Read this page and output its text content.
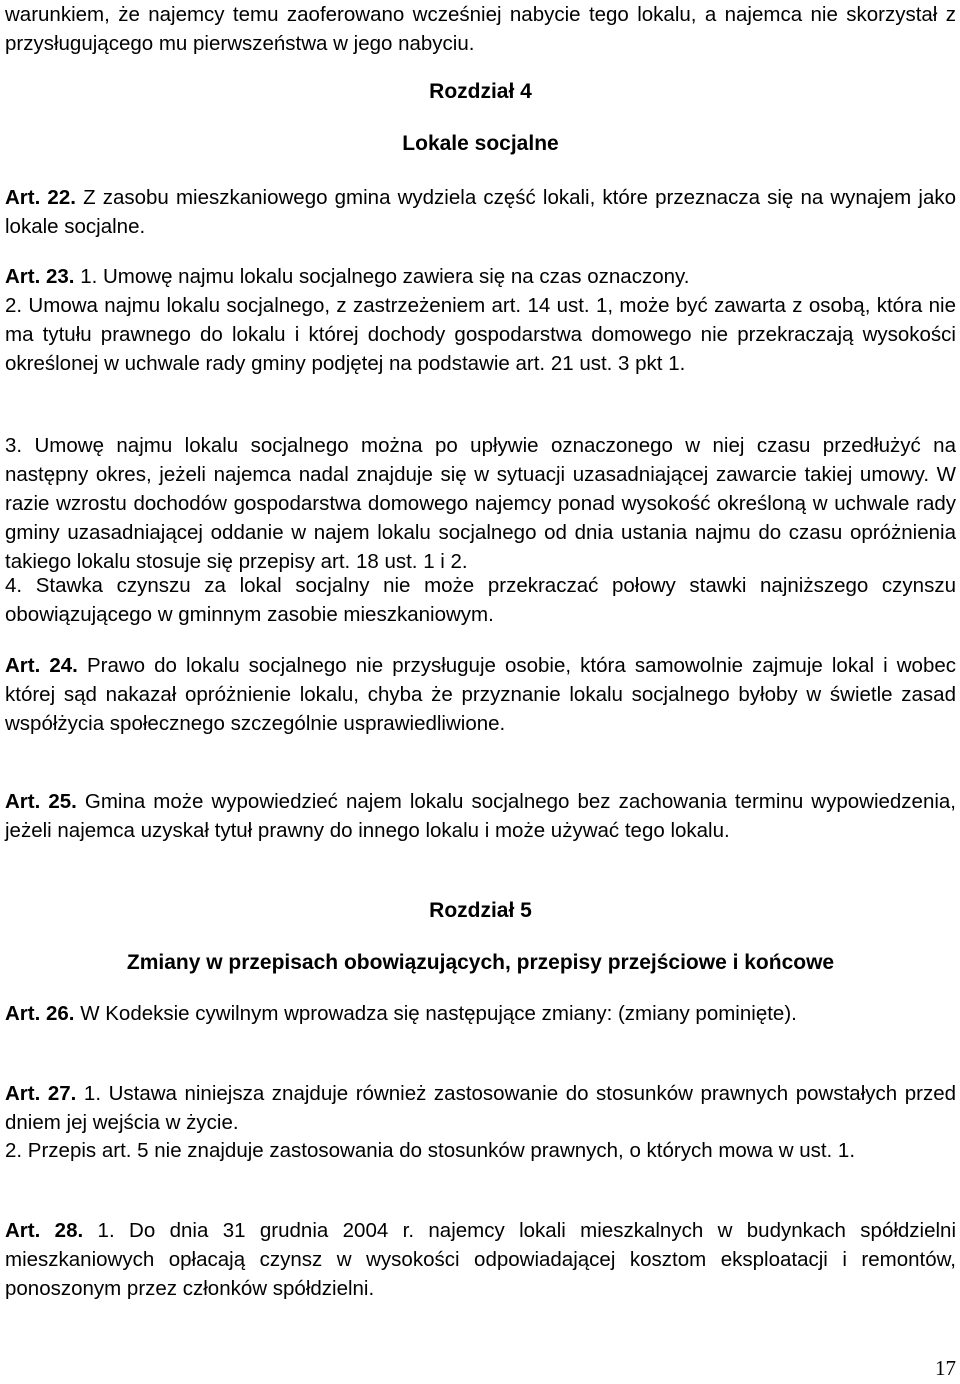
warunkiem, że najemcy temu zaoferowano wcześniej nabycie tego lokalu, a najemca nie skorzystał z przysługującego mu pierwszeństwa w jego nabyciu.

Rozdział 4

Lokale socjalne

Art. 22. Z zasobu mieszkaniowego gmina wydziela część lokali, które przeznacza się na wynajem jako lokale socjalne.

Art. 23. 1. Umowę najmu lokalu socjalnego zawiera się na czas oznaczony.

2. Umowa najmu lokalu socjalnego, z zastrzeżeniem art. 14 ust. 1, może być zawarta z osobą, która nie ma tytułu prawnego do lokalu i której dochody gospodarstwa domowego nie przekraczają wysokości określonej w uchwale rady gminy podjętej na podstawie art. 21 ust. 3 pkt 1.

3. Umowę najmu lokalu socjalnego można po upływie oznaczonego w niej czasu przedłużyć na następny okres, jeżeli najemca nadal znajduje się w sytuacji uzasadniającej zawarcie takiej umowy. W razie wzrostu dochodów gospodarstwa domowego najemcy ponad wysokość określoną w uchwale rady gminy uzasadniającej oddanie w najem lokalu socjalnego od dnia ustania najmu do czasu opróżnienia takiego lokalu stosuje się przepisy art. 18 ust. 1 i 2.

4. Stawka czynszu za lokal socjalny nie może przekraczać połowy stawki najniższego czynszu obowiązującego w gminnym zasobie mieszkaniowym.

Art. 24. Prawo do lokalu socjalnego nie przysługuje osobie, która samowolnie zajmuje lokal i wobec której sąd nakazał opróżnienie lokalu, chyba że przyznanie lokalu socjalnego byłoby w świetle zasad współżycia społecznego szczególnie usprawiedliwione.

Art. 25. Gmina może wypowiedzieć najem lokalu socjalnego bez zachowania terminu wypowiedzenia, jeżeli najemca uzyskał tytuł prawny do innego lokalu i może używać tego lokalu.

Rozdział 5

Zmiany w przepisach obowiązujących, przepisy przejściowe i końcowe

Art. 26. W Kodeksie cywilnym wprowadza się następujące zmiany: (zmiany pominięte).

Art. 27. 1. Ustawa niniejsza znajduje również zastosowanie do stosunków prawnych powstałych przed dniem jej wejścia w życie.

2. Przepis art. 5 nie znajduje zastosowania do stosunków prawnych, o których mowa w ust. 1.

Art. 28. 1. Do dnia 31 grudnia 2004 r. najemcy lokali mieszkalnych w budynkach spółdzielni mieszkaniowych opłacają czynsz w wysokości odpowiadającej kosztom eksploatacji i remontów, ponoszonym przez członków spółdzielni.

17
